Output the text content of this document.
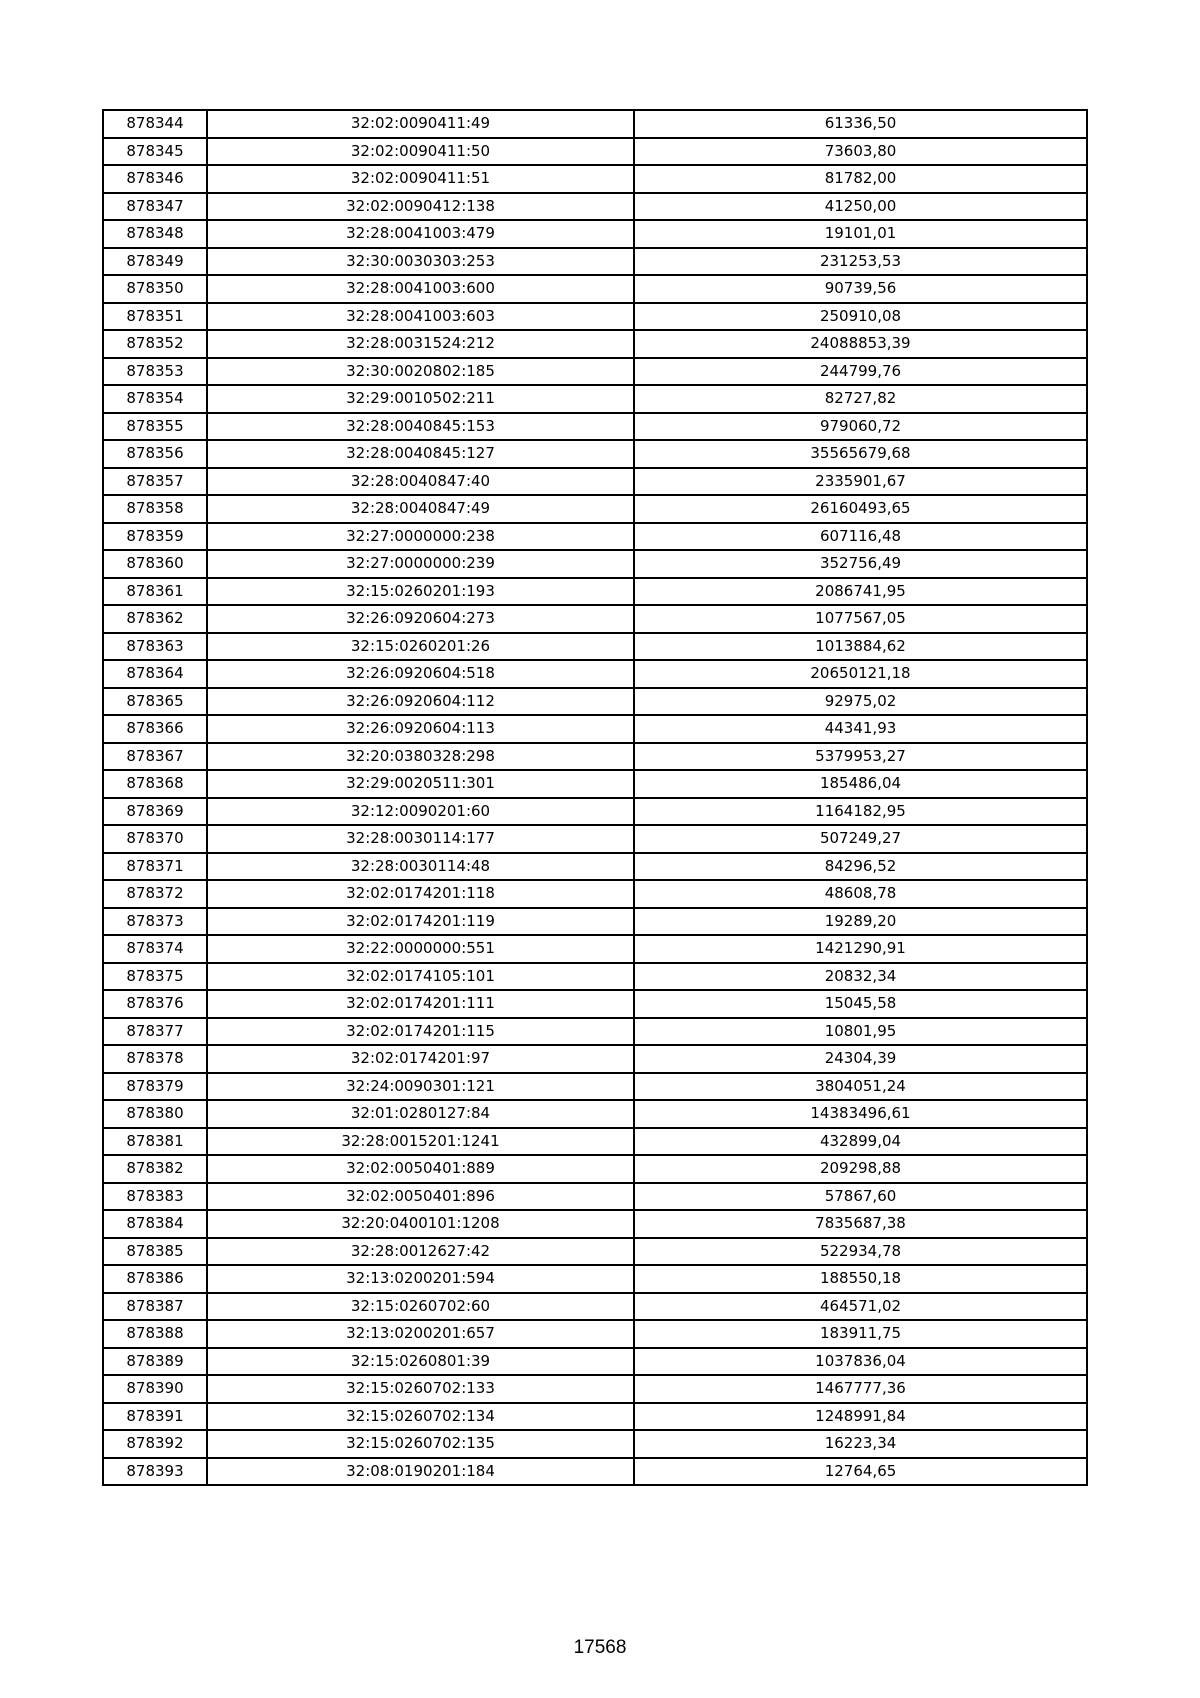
878344	32:02:0090411:49	61336,50
878345	32:02:0090411:50	73603,80
878346	32:02:0090411:51	81782,00
878347	32:02:0090412:138	41250,00
878348	32:28:0041003:479	19101,01
878349	32:30:0030303:253	231253,53
878350	32:28:0041003:600	90739,56
878351	32:28:0041003:603	250910,08
878352	32:28:0031524:212	24088853,39
878353	32:30:0020802:185	244799,76
878354	32:29:0010502:211	82727,82
878355	32:28:0040845:153	979060,72
878356	32:28:0040845:127	35565679,68
878357	32:28:0040847:40	2335901,67
878358	32:28:0040847:49	26160493,65
878359	32:27:0000000:238	607116,48
878360	32:27:0000000:239	352756,49
878361	32:15:0260201:193	2086741,95
878362	32:26:0920604:273	1077567,05
878363	32:15:0260201:26	1013884,62
878364	32:26:0920604:518	20650121,18
878365	32:26:0920604:112	92975,02
878366	32:26:0920604:113	44341,93
878367	32:20:0380328:298	5379953,27
878368	32:29:0020511:301	185486,04
878369	32:12:0090201:60	1164182,95
878370	32:28:0030114:177	507249,27
878371	32:28:0030114:48	84296,52
878372	32:02:0174201:118	48608,78
878373	32:02:0174201:119	19289,20
878374	32:22:0000000:551	1421290,91
878375	32:02:0174105:101	20832,34
878376	32:02:0174201:111	15045,58
878377	32:02:0174201:115	10801,95
878378	32:02:0174201:97	24304,39
878379	32:24:0090301:121	3804051,24
878380	32:01:0280127:84	14383496,61
878381	32:28:0015201:1241	432899,04
878382	32:02:0050401:889	209298,88
878383	32:02:0050401:896	57867,60
878384	32:20:0400101:1208	7835687,38
878385	32:28:0012627:42	522934,78
878386	32:13:0200201:594	188550,18
878387	32:15:0260702:60	464571,02
878388	32:13:0200201:657	183911,75
878389	32:15:0260801:39	1037836,04
878390	32:15:0260702:133	1467777,36
878391	32:15:0260702:134	1248991,84
878392	32:15:0260702:135	16223,34
878393	32:08:0190201:184	12764,65
17568
